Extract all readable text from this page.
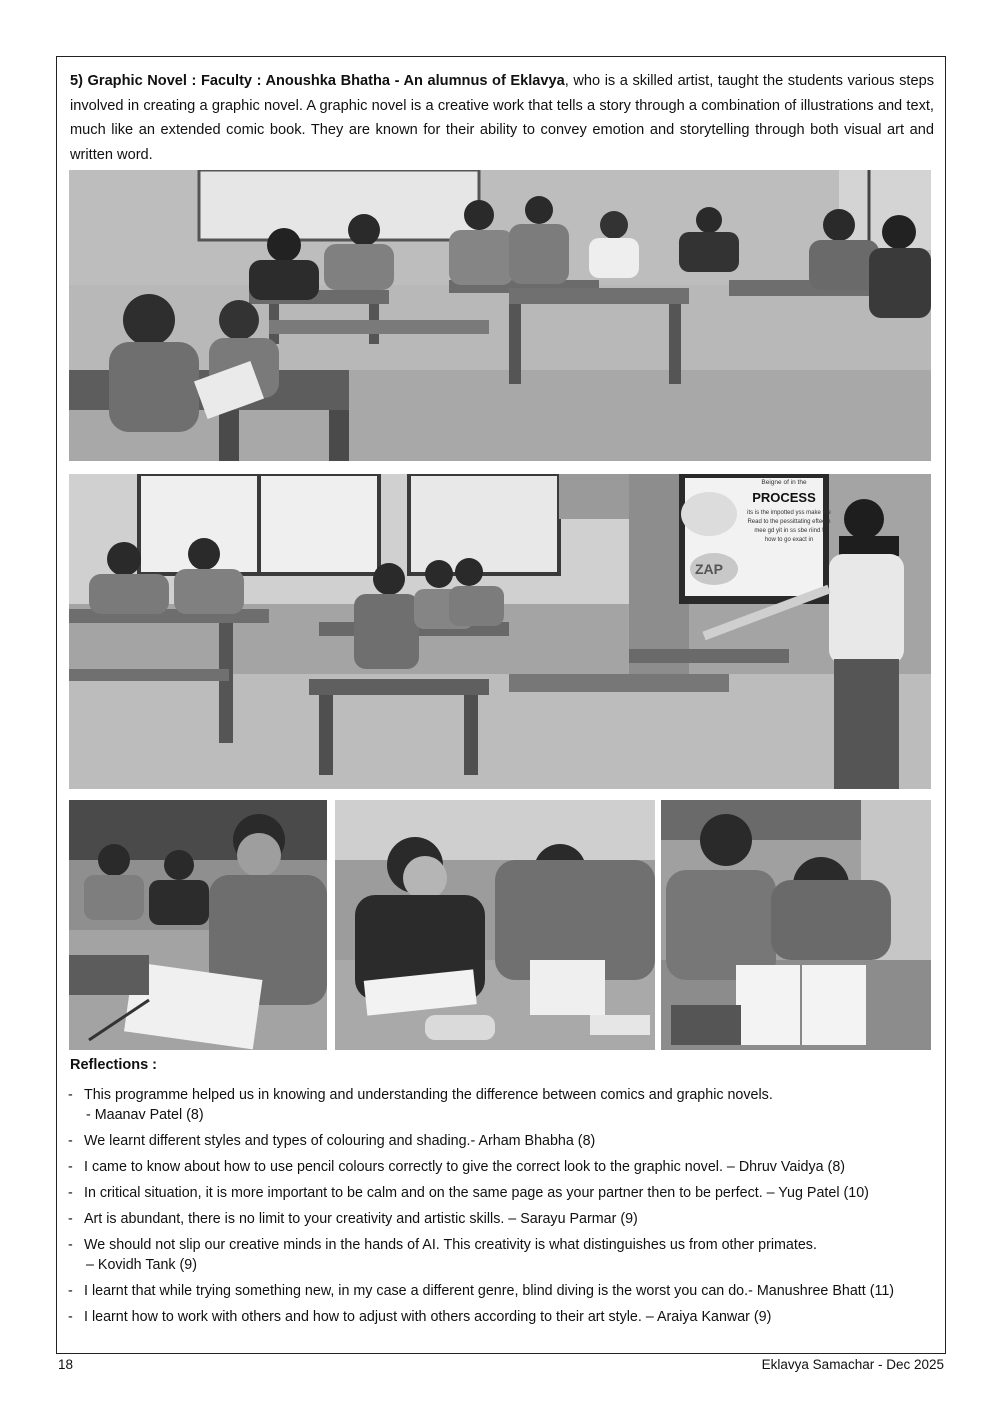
5) Graphic Novel : Faculty : Anoushka Bhatha - An alumnus of Eklavya, who is a skilled artist, taught the students various steps involved in creating a graphic novel. A graphic novel is a creative work that tells a story through a combination of illustrations and text, much like an extended comic book. They are known for their ability to convey emotion and storytelling through both visual art and written word.

Beigne of in the
PROCESS
its is the impotted yss make the
Read to the pessittating efteem
mee gd yit in ss sbe riind !
how to go exact in
ZAP
Reflections :
- This programme helped us in knowing and understanding the difference between comics and graphic novels.
- Maanav Patel (8)
- We learnt different styles and types of colouring and shading.- Arham Bhabha (8)
- I came to know about how to use pencil colours correctly to give the correct look to the graphic novel. – Dhruv Vaidya (8)
- In critical situation, it is more important to be calm and on the same page as your partner then to be perfect. – Yug Patel (10)
- Art is abundant, there is no limit to your creativity and artistic skills. – Sarayu Parmar (9)
- We should not slip our creative minds in the hands of AI. This creativity is what distinguishes us from other primates.
– Kovidh Tank (9)
- I learnt that while trying something new, in my case a different genre, blind diving is the worst you can do.- Manushree Bhatt (11)
- I learnt how to work with others and how to adjust with others according to their art style. – Araiya Kanwar (9)
18	Eklavya Samachar - Dec 2025
